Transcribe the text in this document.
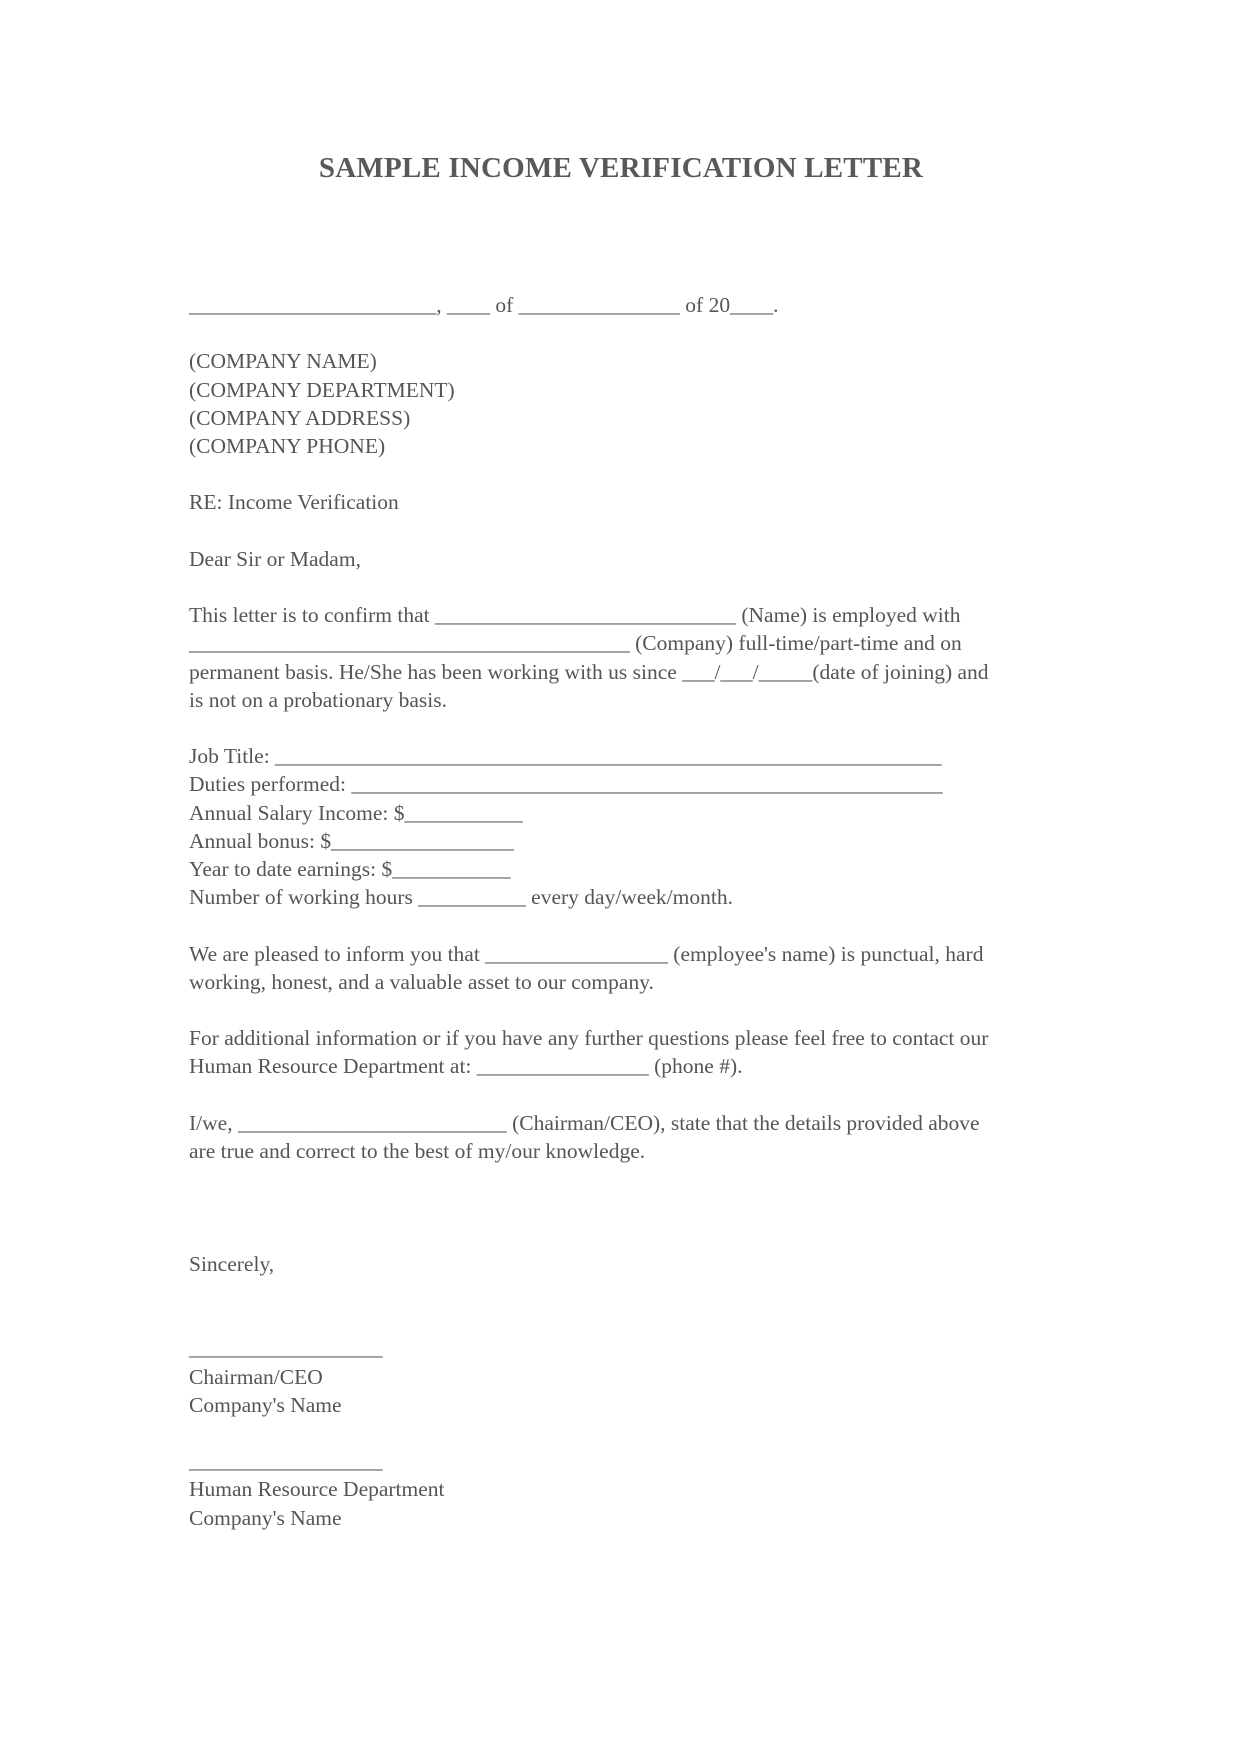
SAMPLE INCOME VERIFICATION LETTER
_______________________, ____ of _______________ of 20____.
(COMPANY NAME)
(COMPANY DEPARTMENT)
(COMPANY ADDRESS)
(COMPANY PHONE)
RE: Income Verification
Dear Sir or Madam,
This letter is to confirm that ____________________________ (Name) is employed with
_________________________________________ (Company) full-time/part-time and on
permanent basis. He/She has been working with us since ___/___/_____(date of joining) and
is not on a probationary basis.
Job Title: ______________________________________________________________
Duties performed: _______________________________________________________
Annual Salary Income: $___________
Annual bonus: $_________________
Year to date earnings: $___________
Number of working hours __________ every day/week/month.
We are pleased to inform you that _________________ (employee's name) is punctual, hard
working, honest, and a valuable asset to our company.
For additional information or if you have any further questions please feel free to contact our
Human Resource Department at: ________________ (phone #).
I/we, _________________________ (Chairman/CEO), state that the details provided above
are true and correct to the best of my/our knowledge.
Sincerely,
__________________
Chairman/CEO
Company's Name
__________________
Human Resource Department
Company's Name
